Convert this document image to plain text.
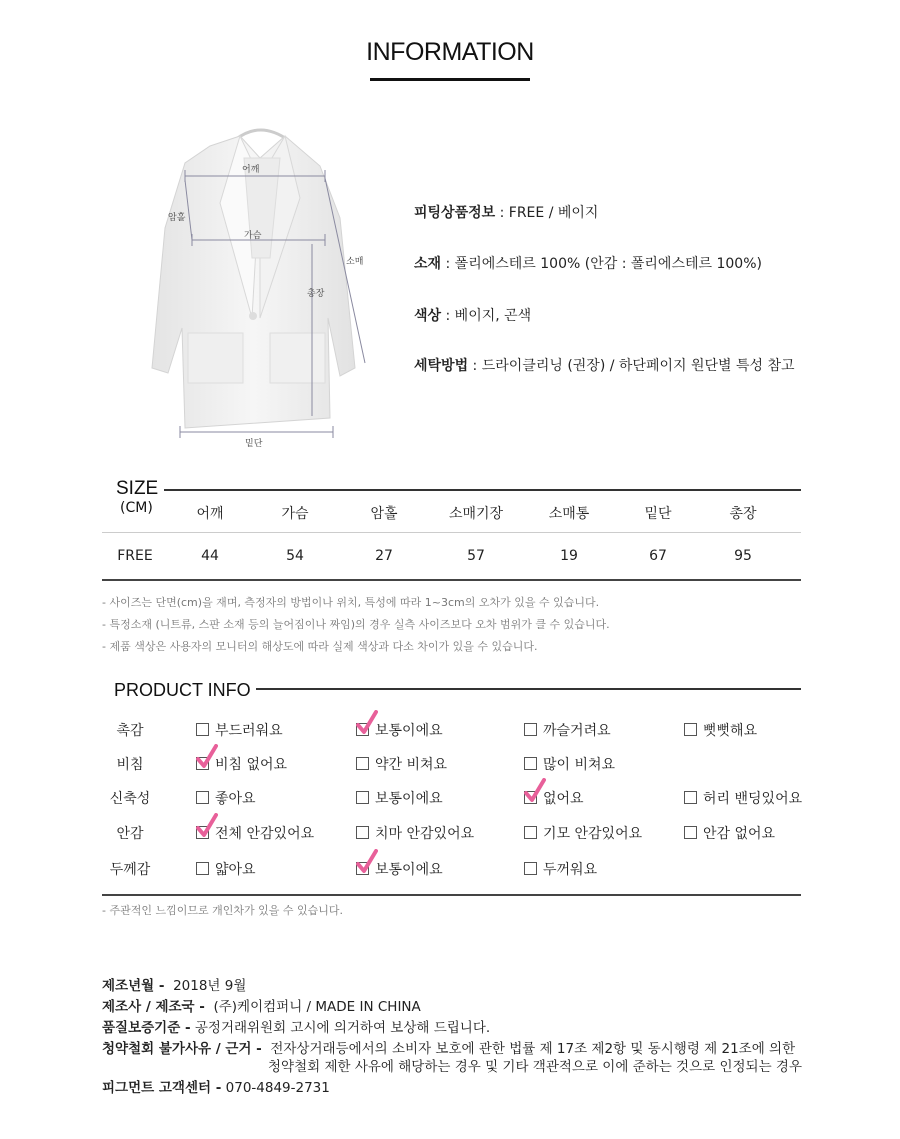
INFORMATION
어깨
암홀
가슴
소매
총장
밑단
피팅상품정보 : FREE / 베이지
소재 : 폴리에스테르 100% (안감 : 폴리에스테르 100%)
색상 : 베이지, 곤색
세탁방법 : 드라이클리닝 (권장) / 하단페이지 원단별 특성 참고
SIZE
(CM)	어깨	가슴	암홀	소매기장	소매통	밑단	총장
FREE	44	54	27	57	19	67	95
- 사이즈는 단면(cm)을 재며, 측정자의 방법이나 위치, 특성에 따라 1~3cm의 오차가 있을 수 있습니다.
- 특정소재 (니트류, 스판 소재 등의 늘어짐이나 짜임)의 경우 실측 사이즈보다 오차 범위가 클 수 있습니다.
- 제품 색상은 사용자의 모니터의 해상도에 따라 실제 색상과 다소 차이가 있을 수 있습니다.
PRODUCT INFO
촉감	부드러워요	보통이에요	까슬거려요	뻣뻣해요
비침	비침 없어요	약간 비쳐요	많이 비쳐요
신축성	좋아요	보통이에요	없어요	허리 밴딩있어요
안감	전체 안감있어요	치마 안감있어요	기모 안감있어요	안감 없어요
두께감	얇아요	보통이에요	두꺼워요
- 주관적인 느낌이므로 개인차가 있을 수 있습니다.
제조년월 - 2018년 9월
제조사 / 제조국 - (주)케이컴퍼니 / MADE IN CHINA
품질보증기준 - 공정거래위원회 고시에 의거하여 보상해 드립니다.
청약철회 불가사유 / 근거 - 전자상거래등에서의 소비자 보호에 관한 법률 제 17조 제2항 및 동시행령 제 21조에 의한
청약철회 제한 사유에 해당하는 경우 및 기타 객관적으로 이에 준하는 것으로 인정되는 경우
피그먼트 고객센터 - 070-4849-2731
